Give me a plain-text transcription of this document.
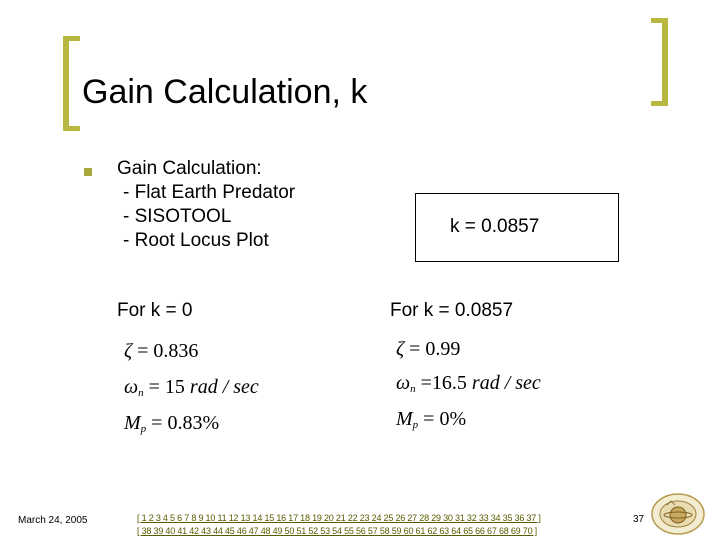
Gain Calculation, k
Gain Calculation:
- Flat Earth Predator
- SISOTOOL
- Root Locus Plot
k = 0.0857
For k = 0
ζ = 0.836
$\omega_n = 15$ rad / sec
$M_p = 0.83\%$
For k = 0.0857
ζ = 0.99
$\omega_n =16.5$ rad / sec
$M_p = 0\%$
March 24, 2005	[ 1 2 3 4 5 6 7 8 9 10 11 12 13 14 15 16 17 18 19 20 21 22 23 24 25 26 27 28 29 30 31 32 33 34 35 36 37 ]
[ 38 39 40 41 42 43 44 45 46 47 48 49 50 51 52 53 54 55 56 57 58 59 60 61 62 63 64 65 66 67 68 69 70 ]
37
